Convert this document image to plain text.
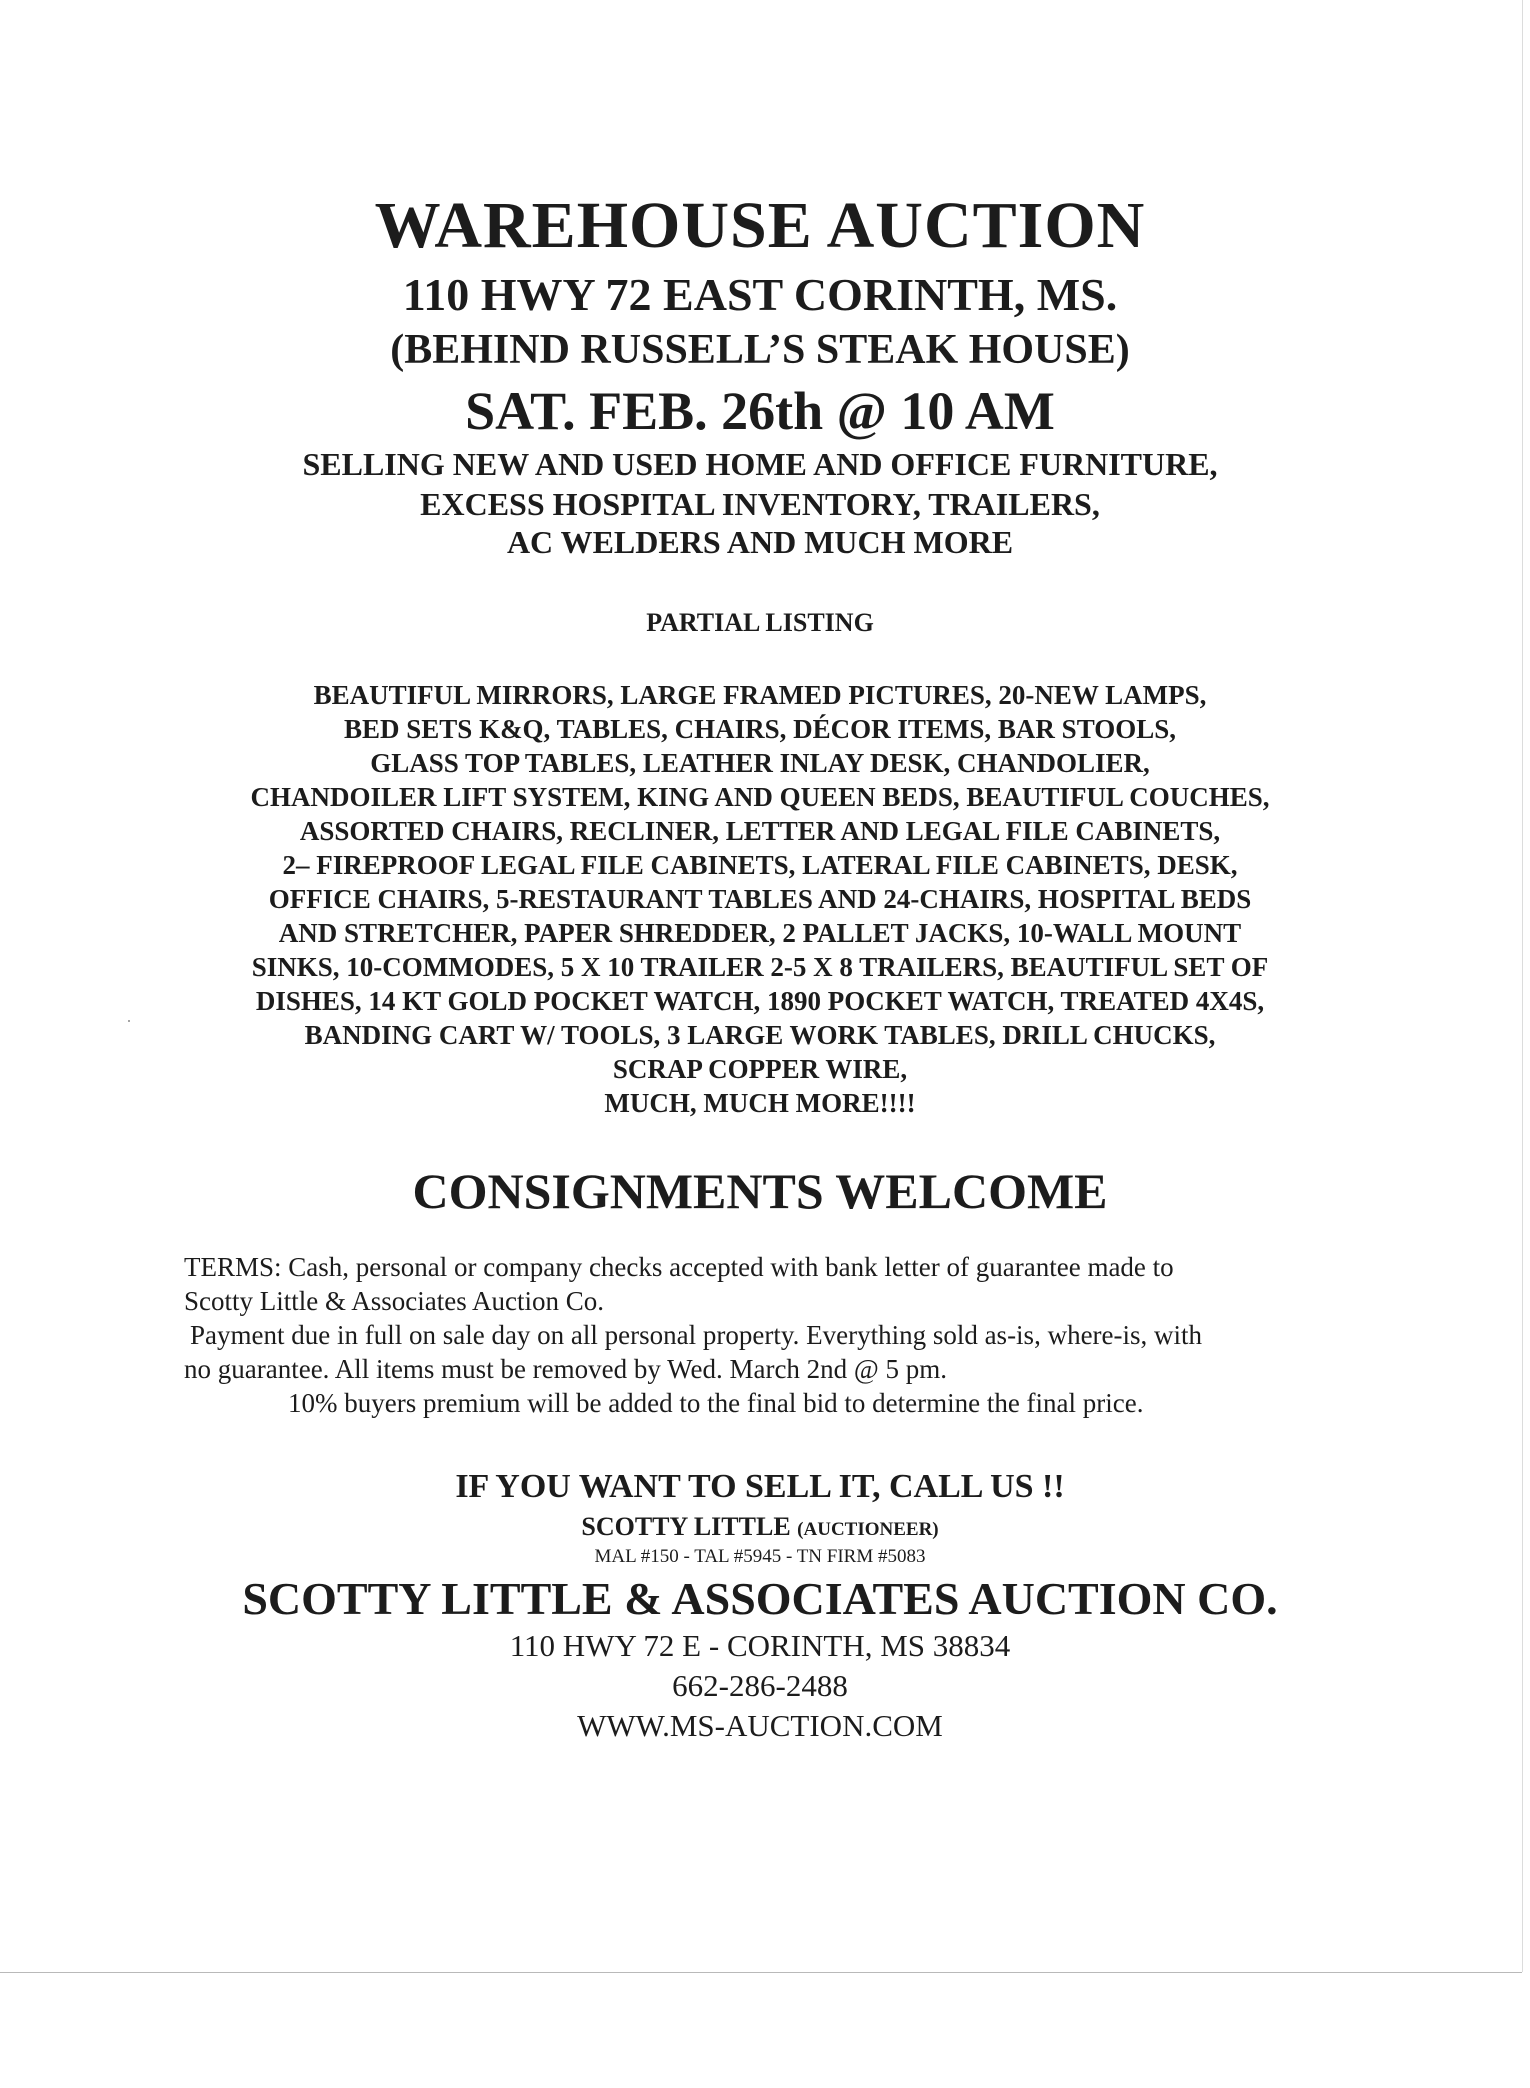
WAREHOUSE AUCTION
110 HWY 72 EAST CORINTH, MS.
(BEHIND RUSSELL’S STEAK HOUSE)
SAT. FEB. 26th @ 10 AM
SELLING NEW AND USED HOME AND OFFICE FURNITURE,
EXCESS HOSPITAL INVENTORY, TRAILERS,
AC WELDERS AND MUCH MORE
PARTIAL LISTING
BEAUTIFUL MIRRORS, LARGE FRAMED PICTURES, 20-NEW LAMPS,
BED SETS K&Q, TABLES, CHAIRS, DÉCOR ITEMS, BAR STOOLS,
GLASS TOP TABLES, LEATHER INLAY DESK, CHANDOLIER,
CHANDOILER LIFT SYSTEM, KING AND QUEEN BEDS, BEAUTIFUL COUCHES,
ASSORTED CHAIRS, RECLINER, LETTER AND LEGAL FILE CABINETS,
2– FIREPROOF LEGAL FILE CABINETS, LATERAL FILE CABINETS, DESK,
OFFICE CHAIRS, 5-RESTAURANT TABLES AND 24-CHAIRS, HOSPITAL BEDS
AND STRETCHER, PAPER SHREDDER, 2 PALLET JACKS, 10-WALL MOUNT
SINKS, 10-COMMODES, 5 X 10 TRAILER 2-5 X 8 TRAILERS, BEAUTIFUL SET OF
DISHES, 14 KT GOLD POCKET WATCH, 1890 POCKET WATCH, TREATED 4X4S,
BANDING CART W/ TOOLS, 3 LARGE WORK TABLES, DRILL CHUCKS,
SCRAP COPPER WIRE,
MUCH, MUCH MORE!!!!
CONSIGNMENTS WELCOME

TERMS: Cash, personal or company checks accepted with bank letter of guarantee made to

Scotty Little & Associates Auction Co.

Payment due in full on sale day on all personal property. Everything sold as-is, where-is, with

no guarantee. All items must be removed by Wed. March 2nd @ 5 pm.

10% buyers premium will be added to the final bid to determine the final price.

IF YOU WANT TO SELL IT, CALL US !!
SCOTTY LITTLE (AUCTIONEER)
MAL #150 - TAL #5945 - TN FIRM #5083
SCOTTY LITTLE & ASSOCIATES AUCTION CO.
110 HWY 72 E - CORINTH, MS 38834
662-286-2488
WWW.MS-AUCTION.COM
